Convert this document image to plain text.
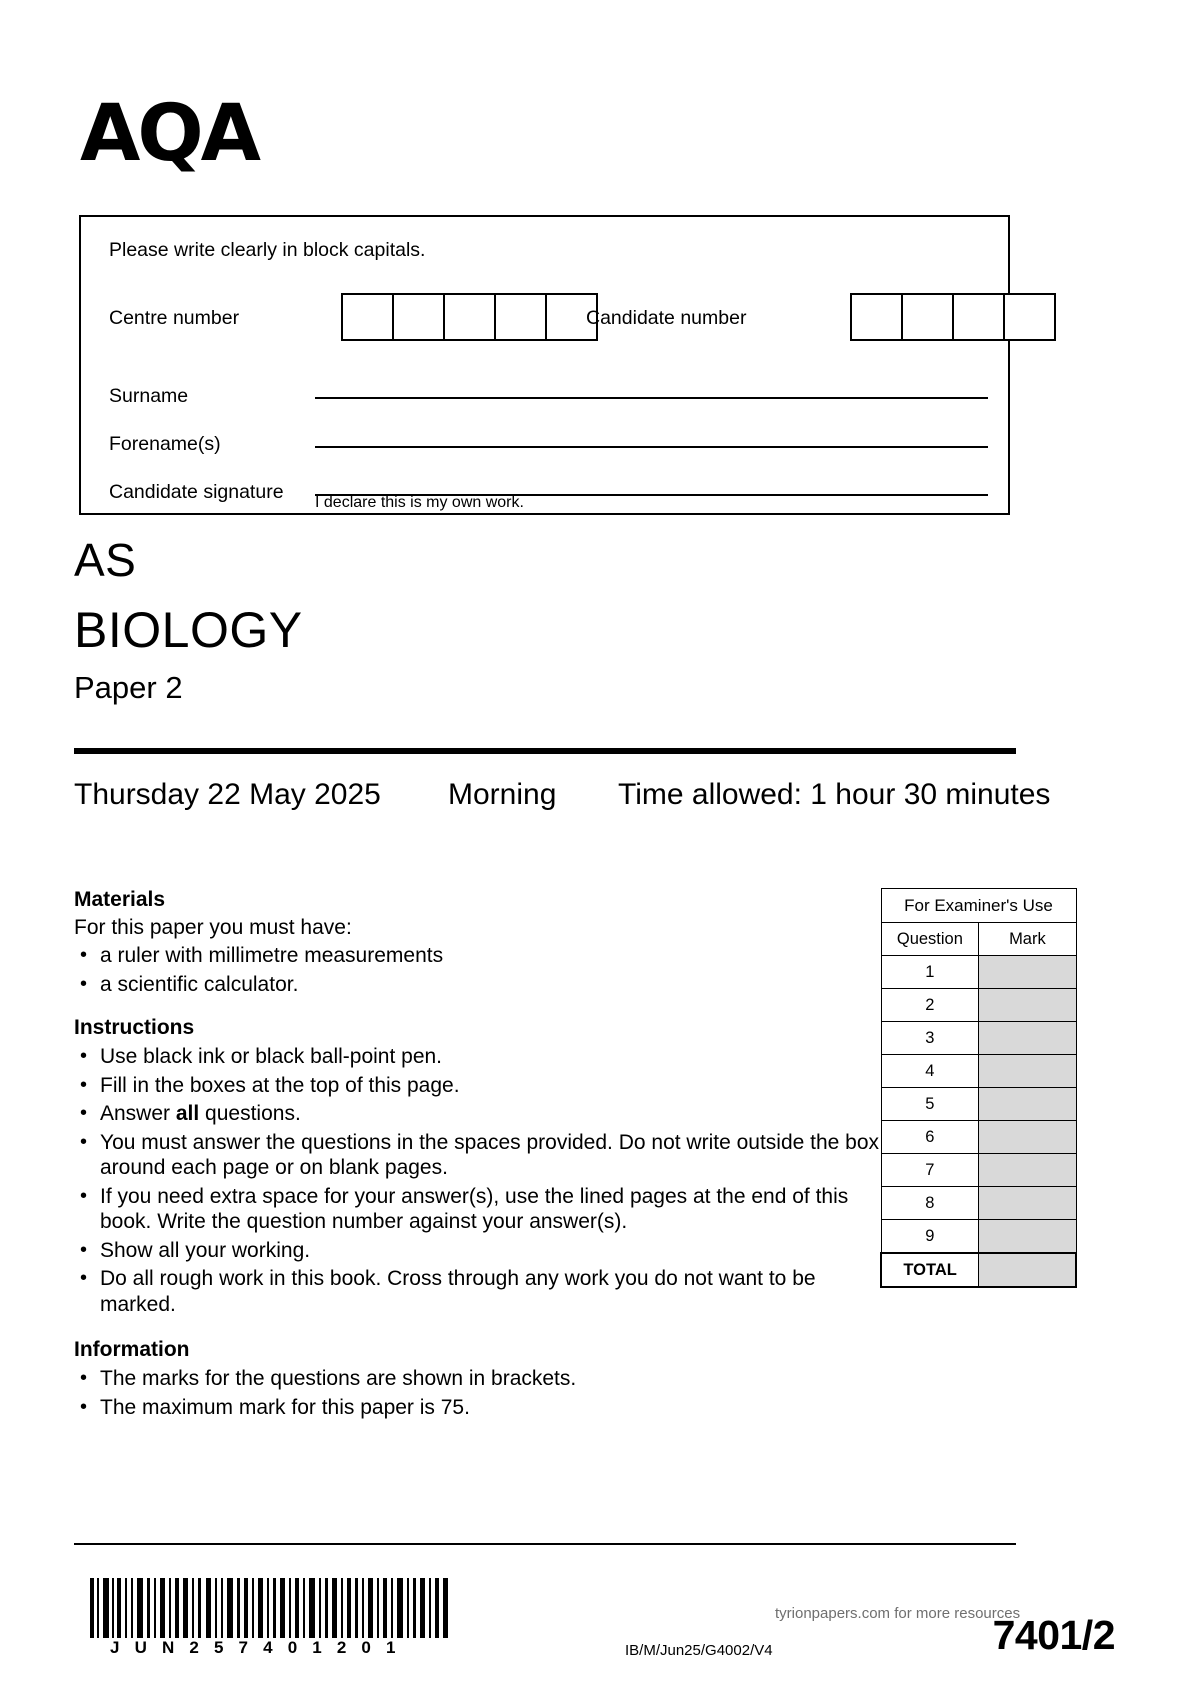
AQA
Please write clearly in block capitals.
Centre number	Candidate number
Surname
Forename(s)
Candidate signature I declare this is my own work.
AS
BIOLOGY
Paper 2
Thursday 22 May 2025 Morning Time allowed: 1 hour 30 minutes
Materials
For this paper you must have:
• a ruler with millimetre measurements
• a scientific calculator.
Instructions
• Use black ink or black ball-point pen.
• Fill in the boxes at the top of this page.
• Answer all questions.
• You must answer the questions in the spaces provided. Do not write outside the box around each page or on blank pages.
• If you need extra space for your answer(s), use the lined pages at the end of this book. Write the question number against your answer(s).
• Show all your working.
• Do all rough work in this book. Cross through any work you do not want to be marked.
Information
• The marks for the questions are shown in brackets.
• The maximum mark for this paper is 75.
For Examiner's Use	
Question	Mark
1	
2	
3	
4	
5	
6	
7	
8	
9	
TOTAL	
J U N 2 5 7 4 0 1 2 0 1	IB/M/Jun25/G4002/V4
tyrionpapers.com for more resources
7401/2
